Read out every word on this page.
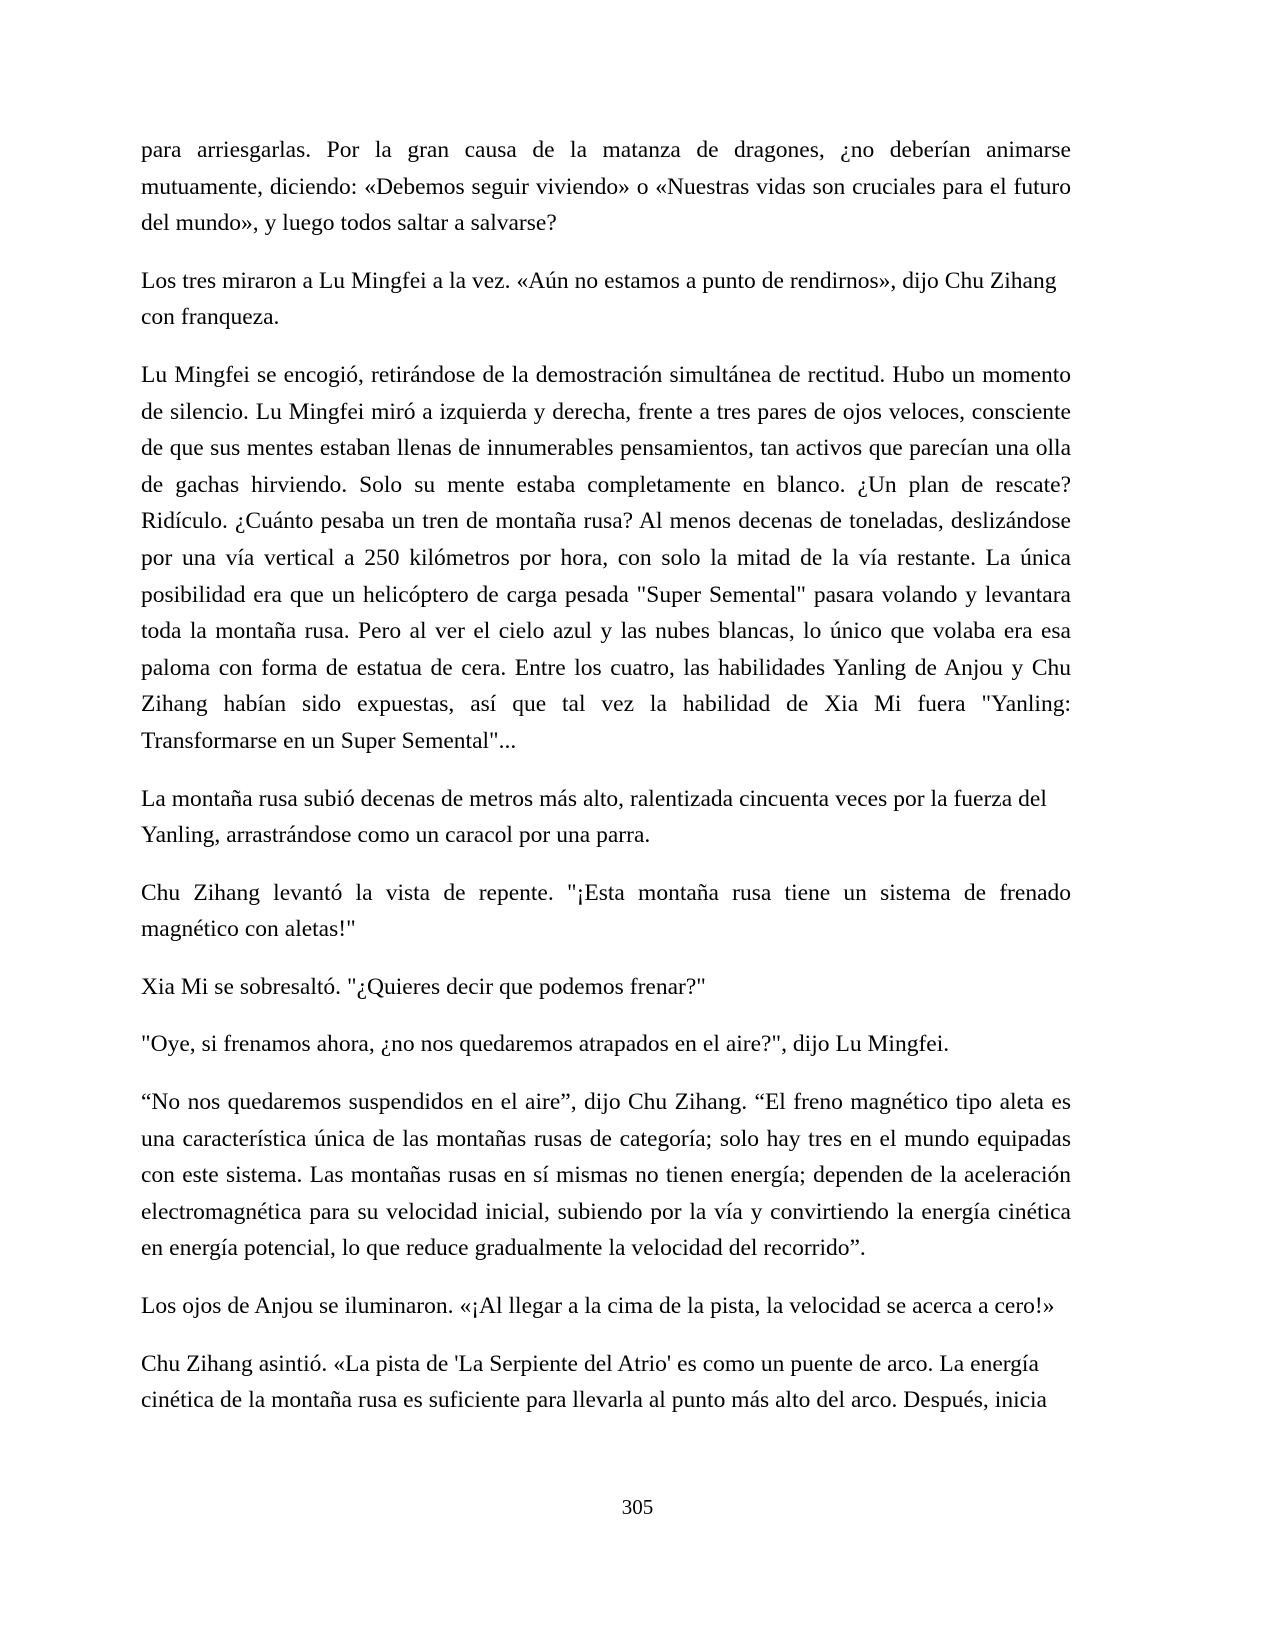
para arriesgarlas. Por la gran causa de la matanza de dragones, ¿no deberían animarse mutuamente, diciendo: «Debemos seguir viviendo» o «Nuestras vidas son cruciales para el futuro del mundo», y luego todos saltar a salvarse?

Los tres miraron a Lu Mingfei a la vez. «Aún no estamos a punto de rendirnos», dijo Chu Zihang con franqueza.

Lu Mingfei se encogió, retirándose de la demostración simultánea de rectitud. Hubo un momento de silencio. Lu Mingfei miró a izquierda y derecha, frente a tres pares de ojos veloces, consciente de que sus mentes estaban llenas de innumerables pensamientos, tan activos que parecían una olla de gachas hirviendo. Solo su mente estaba completamente en blanco. ¿Un plan de rescate? Ridículo. ¿Cuánto pesaba un tren de montaña rusa? Al menos decenas de toneladas, deslizándose por una vía vertical a 250 kilómetros por hora, con solo la mitad de la vía restante. La única posibilidad era que un helicóptero de carga pesada "Super Semental" pasara volando y levantara toda la montaña rusa. Pero al ver el cielo azul y las nubes blancas, lo único que volaba era esa paloma con forma de estatua de cera. Entre los cuatro, las habilidades Yanling de Anjou y Chu Zihang habían sido expuestas, así que tal vez la habilidad de Xia Mi fuera "Yanling: Transformarse en un Super Semental"...

La montaña rusa subió decenas de metros más alto, ralentizada cincuenta veces por la fuerza del Yanling, arrastrándose como un caracol por una parra.

Chu Zihang levantó la vista de repente. "¡Esta montaña rusa tiene un sistema de frenado magnético con aletas!"

Xia Mi se sobresaltó. "¿Quieres decir que podemos frenar?"

"Oye, si frenamos ahora, ¿no nos quedaremos atrapados en el aire?", dijo Lu Mingfei.

“No nos quedaremos suspendidos en el aire”, dijo Chu Zihang. “El freno magnético tipo aleta es una característica única de las montañas rusas de categoría; solo hay tres en el mundo equipadas con este sistema. Las montañas rusas en sí mismas no tienen energía; dependen de la aceleración electromagnética para su velocidad inicial, subiendo por la vía y convirtiendo la energía cinética en energía potencial, lo que reduce gradualmente la velocidad del recorrido”.

Los ojos de Anjou se iluminaron. «¡Al llegar a la cima de la pista, la velocidad se acerca a cero!»

Chu Zihang asintió. «La pista de 'La Serpiente del Atrio' es como un puente de arco. La energía cinética de la montaña rusa es suficiente para llevarla al punto más alto del arco. Después, inicia

305
